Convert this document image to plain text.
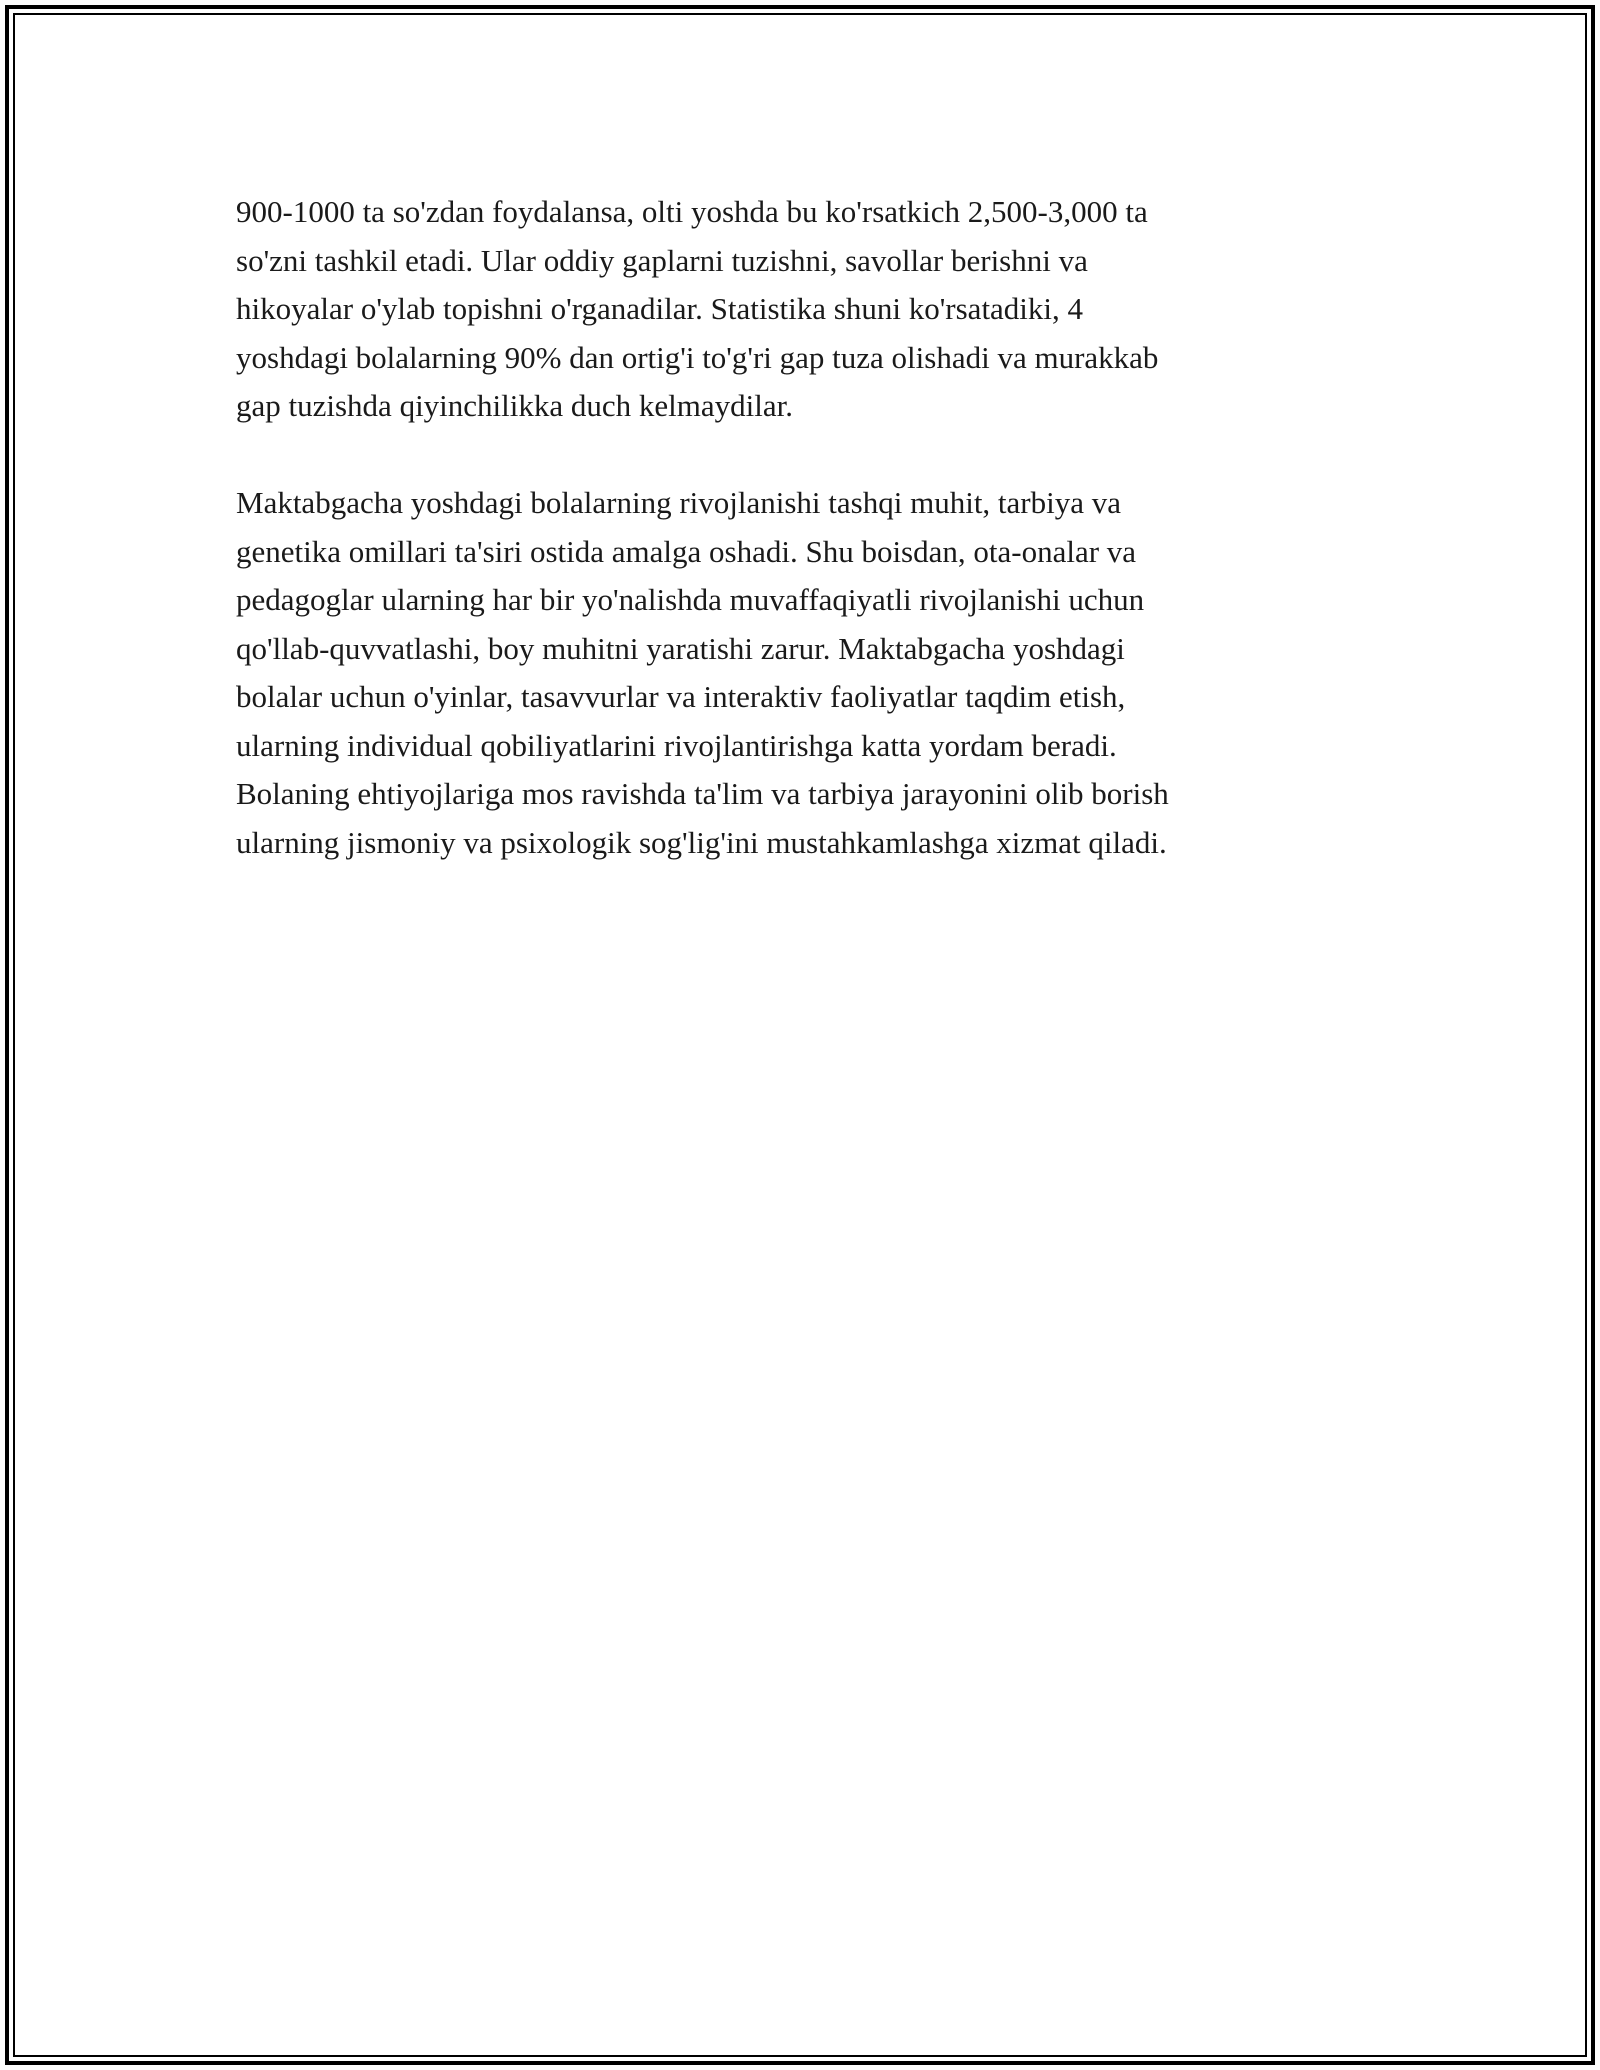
900-1000 ta so'zdan foydalansa, olti yoshda bu ko'rsatkich 2,500-3,000 ta
so'zni tashkil etadi. Ular oddiy gaplarni tuzishni, savollar berishni va
hikoyalar o'ylab topishni o'rganadilar. Statistika shuni ko'rsatadiki, 4
yoshdagi bolalarning 90% dan ortig'i to'g'ri gap tuza olishadi va murakkab
gap tuzishda qiyinchilikka duch kelmaydilar.

Maktabgacha yoshdagi bolalarning rivojlanishi tashqi muhit, tarbiya va
genetika omillari ta'siri ostida amalga oshadi. Shu boisdan, ota-onalar va
pedagoglar ularning har bir yo'nalishda muvaffaqiyatli rivojlanishi uchun
qo'llab-quvvatlashi, boy muhitni yaratishi zarur. Maktabgacha yoshdagi
bolalar uchun o'yinlar, tasavvurlar va interaktiv faoliyatlar taqdim etish,
ularning individual qobiliyatlarini rivojlantirishga katta yordam beradi.
Bolaning ehtiyojlariga mos ravishda ta'lim va tarbiya jarayonini olib borish
ularning jismoniy va psixologik sog'lig'ini mustahkamlashga xizmat qiladi.
